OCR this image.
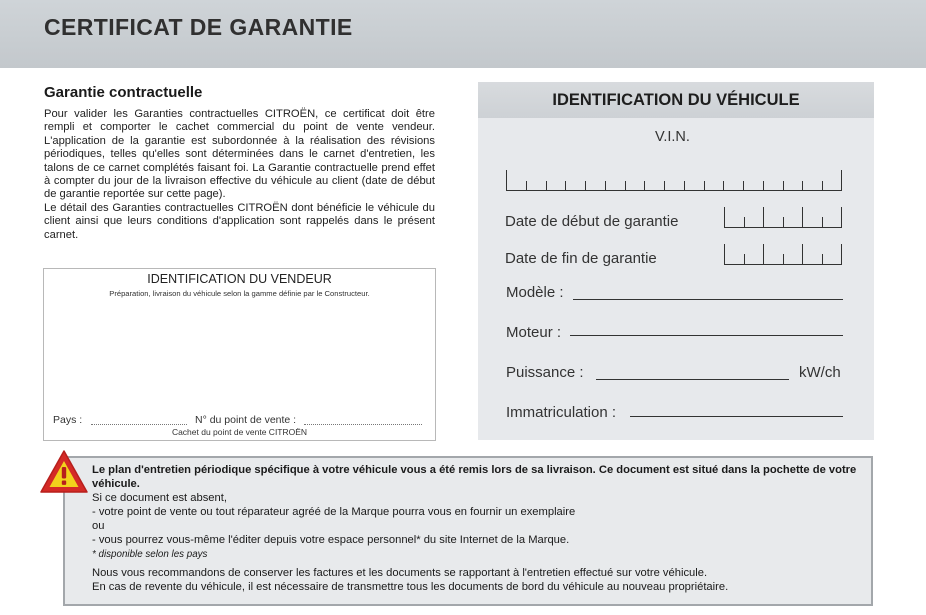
CERTIFICAT DE GARANTIE
Garantie contractuelle

Pour valider les Garanties contractuelles CITROËN, ce certificat doit être rempli et comporter le cachet commercial du point de vente vendeur. L'application de la garantie est subordonnée à la réalisation des révisions périodiques, telles qu'elles sont déterminées dans le carnet d'entretien, les talons de ce carnet complétés faisant foi. La Garantie contractuelle prend effet à compter du jour de la livraison effective du véhicule au client (date de début de garantie reportée sur cette page).

Le détail des Garanties contractuelles CITROËN dont bénéficie le véhicule du client ainsi que leurs conditions d'application sont rappelés dans le présent carnet.

IDENTIFICATION DU VENDEUR
Préparation, livraison du véhicule selon la gamme définie par le Constructeur.
Pays :	N° du point de vente :
Cachet du point de vente CITROËN
IDENTIFICATION DU VÉHICULE
V.I.N.
Date de début de garantie
Date de fin de garantie
Modèle :
Moteur :
Puissance :	kW/ch
Immatriculation :

Le plan d'entretien périodique spécifique à votre véhicule vous a été remis lors de sa livraison. Ce document est situé dans la pochette de votre véhicule.

Si ce document est absent,

- votre point de vente ou tout réparateur agréé de la Marque pourra vous en fournir un exemplaire

ou

- vous pourrez vous-même l'éditer depuis votre espace personnel* du site Internet de la Marque.

* disponible selon les pays

Nous vous recommandons de conserver les factures et les documents se rapportant à l'entretien effectué sur votre véhicule.

En cas de revente du véhicule, il est nécessaire de transmettre tous les documents de bord du véhicule au nouveau propriétaire.
